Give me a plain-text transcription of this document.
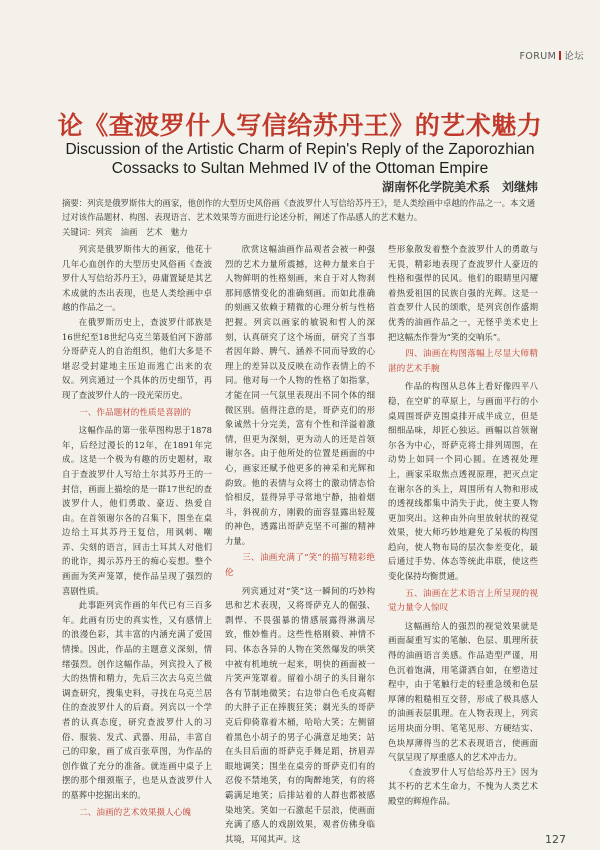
FORUM 论坛
论《查波罗什人写信给苏丹王》的艺术魅力
Discussion of the Artistic Charm of Repin's Reply of the Zaporozhian
Cossacks to Sultan Mehmed IV of the Ottoman Empire
湖南怀化学院美术系　刘继炜
摘要：列宾是俄罗斯伟大的画家，他创作的大型历史风俗画《查波罗什人写信给苏丹王》，是人类绘画中卓越的作品之一。本文通过对该作品题材、构图、表现语言、艺术效果等方面进行论述分析，阐述了作品感人的艺术魅力。
关键词：列宾　油画　艺术　魅力

列宾是俄罗斯伟大的画家，他花十几年心血创作的大型历史风俗画《查波罗什人写信给苏丹王》，毋庸置疑是其艺术成就的杰出表现，也是人类绘画中卓越的作品之一。

在俄罗斯历史上，查波罗什部族是16世纪至18世纪乌克兰第聂伯河下游部分哥萨克人的自治组织，他们大多是不堪忍受封建地主压迫而逃亡出来的农奴。列宾通过一个具体的历史细节，再现了查波罗什人的一段光荣历史。

一、作品题材的性质是喜剧的

这幅作品的第一张草图构思于1878年，后经过漫长的12年，在1891年完成。这是一个极为有趣的历史题材，取自于查波罗什人写给土尔其苏丹王的一封信，画面上描绘的是一群17世纪的查波罗什人，他们勇敢、豪迈、热爱自由。在首领谢尔各的召集下，围坐在桌边给土耳其苏丹王复信，用讽刺、嘲弄、尖刻的语言，回击土耳其人对他们的讹诈，揭示苏丹王的痴心妄想。整个画面为笑声笼罩，使作品呈现了强烈的喜剧性质。

此事距列宾作画的年代已有三百多年。此画有历史的真实性，又有感情上的浪漫色彩，其丰富的内涵充满了爱国情操。因此，作品的主题意义深刻，情绪强烈。创作这幅作品，列宾投入了极大的热情和精力，先后三次去乌克兰做调查研究，搜集史料，寻找在乌克兰居住的查波罗什人的后裔。列宾以一个学者的认真态度，研究查波罗什人的习俗、服装、发式、武器、用品，丰富自己的印象，画了成百张草图，为作品的创作做了充分的准备。就连画中桌子上摆的那个细颈瓶子，也是从查波罗什人的墓葬中挖掘出来的。

二、油画的艺术效果摄人心魄

欣赏这幅油画作品观者会被一种强烈的艺术力量所震撼，这种力量来自于人物鲜明的性格刻画，来自于对人物刹那间感情变化的准确刻画。而如此准确的刻画又依赖于精微的心理分析与性格把握。列宾以画家的敏锐和哲人的深刻，认真研究了这个场面，研究了当事者因年龄、脾气、涵养不同而导致的心理上的差异以及反映在动作表情上的不同。他对每一个人物的性格了如指掌，才能在同一气氛里表现出不同个体的细微区别。值得注意的是，哥萨克们的形象诚然十分完美，富有个性和洋溢着激情，但更为深刻，更为动人的还是首领谢尔各。由于他所处的位置是画面的中心，画家还赋予他更多的神采和光辉和韵致。他的表情与众将士的激动情态恰恰相反，显得异乎寻常地宁静，抽着烟斗，斜视前方，刚毅的面容显露出轻蔑的神色，透露出哥萨克坚不可摧的精神力量。

三、油画充满了“笑”的描写精彩绝伦

列宾通过对“笑”这一瞬间的巧妙构思和艺术表现，又将哥萨克人的倔强、剽悍、不畏强暴的情感展露得淋漓尽致，惟妙惟肖。这些性格刚毅、神情不同、体态各异的人物在笑然爆发的哄笑中被有机地统一起来，明快的画面被一片笑声笼罩着。留着小胡子的头目谢尔各有节制地微笑；右边带白色毛皮高帽的大胖子正在捧腹狂笑；剃光头的哥萨克后仰倚靠着木桶，哈哈大笑；左侧留着黑色小胡子的男子心满意足地笑；站在头目后面的哥萨克手舞足蹈，挤眉弄眼地调笑；围坐在桌旁的哥萨克们有的忍俊不禁地笑，有的陶醉地笑，有的将霸满足地笑；后排站着的人群也都被感染地笑。笑如一石激起千层浪，使画面充满了感人的戏剧效果，观者仿佛身临其境，耳闻其声。这

些形象散发着整个查波罗什人的勇敢与无畏，精彩地表现了查波罗什人豪迈的性格和强悍的民风。他们的眼睛里闪耀着热爱祖国的民族自强的光辉。这是一首查罗什人民的颂歌，是列宾创作盛期优秀的油画作品之一，无怪乎美术史上把这幅杰作誉为“笑的交响乐”。

四、油画在构图落幅上尽显大师精湛的艺术手腕

作品的构图从总体上看好像四平八稳，在空旷的草原上，与画面平行的小桌周围哥萨克围桌排开成半成立，但是细细品味，却匠心独运。画幅以首领谢尔各为中心，哥萨克将士排列周围，在动势上如同一个同心圆。在透视处理上，画家采取焦点透视原理，把灭点定在谢尔各的头上，周围所有人物和形成的透视线都集中消失于此，使主要人物更加突出。这种由外向里放射状的视觉效果，使大师巧妙地避免了呆板的构图趋向，使人物布局的层次参差变化，最后通过手势、体态等统此串联，使这些变化保持均衡贯通。

五、油画在艺术语言上所呈现的视觉力量令人惊叹

这幅画给人的强烈的视觉效果就是画面凝重写实的笔触、色层、肌理所获得的油画语言美感。作品造型严谨，用色沉着饱满，用笔潇洒自如，在塑造过程中，由于笔触行走的轻重急缓和色层厚薄的粗糙相互交替，形成了极具感人的油画表层肌理。在人物表现上，列宾运用块面分明、笔笔见形、方硬结实、色块厚薄得当的艺术表现语言，使画面气氛呈现了厚重感人的艺术冲击力。

《查波罗什人写信给苏丹王》因为其不朽的艺术生命力，不愧为人类艺术殿堂的辉煌作品。

127
